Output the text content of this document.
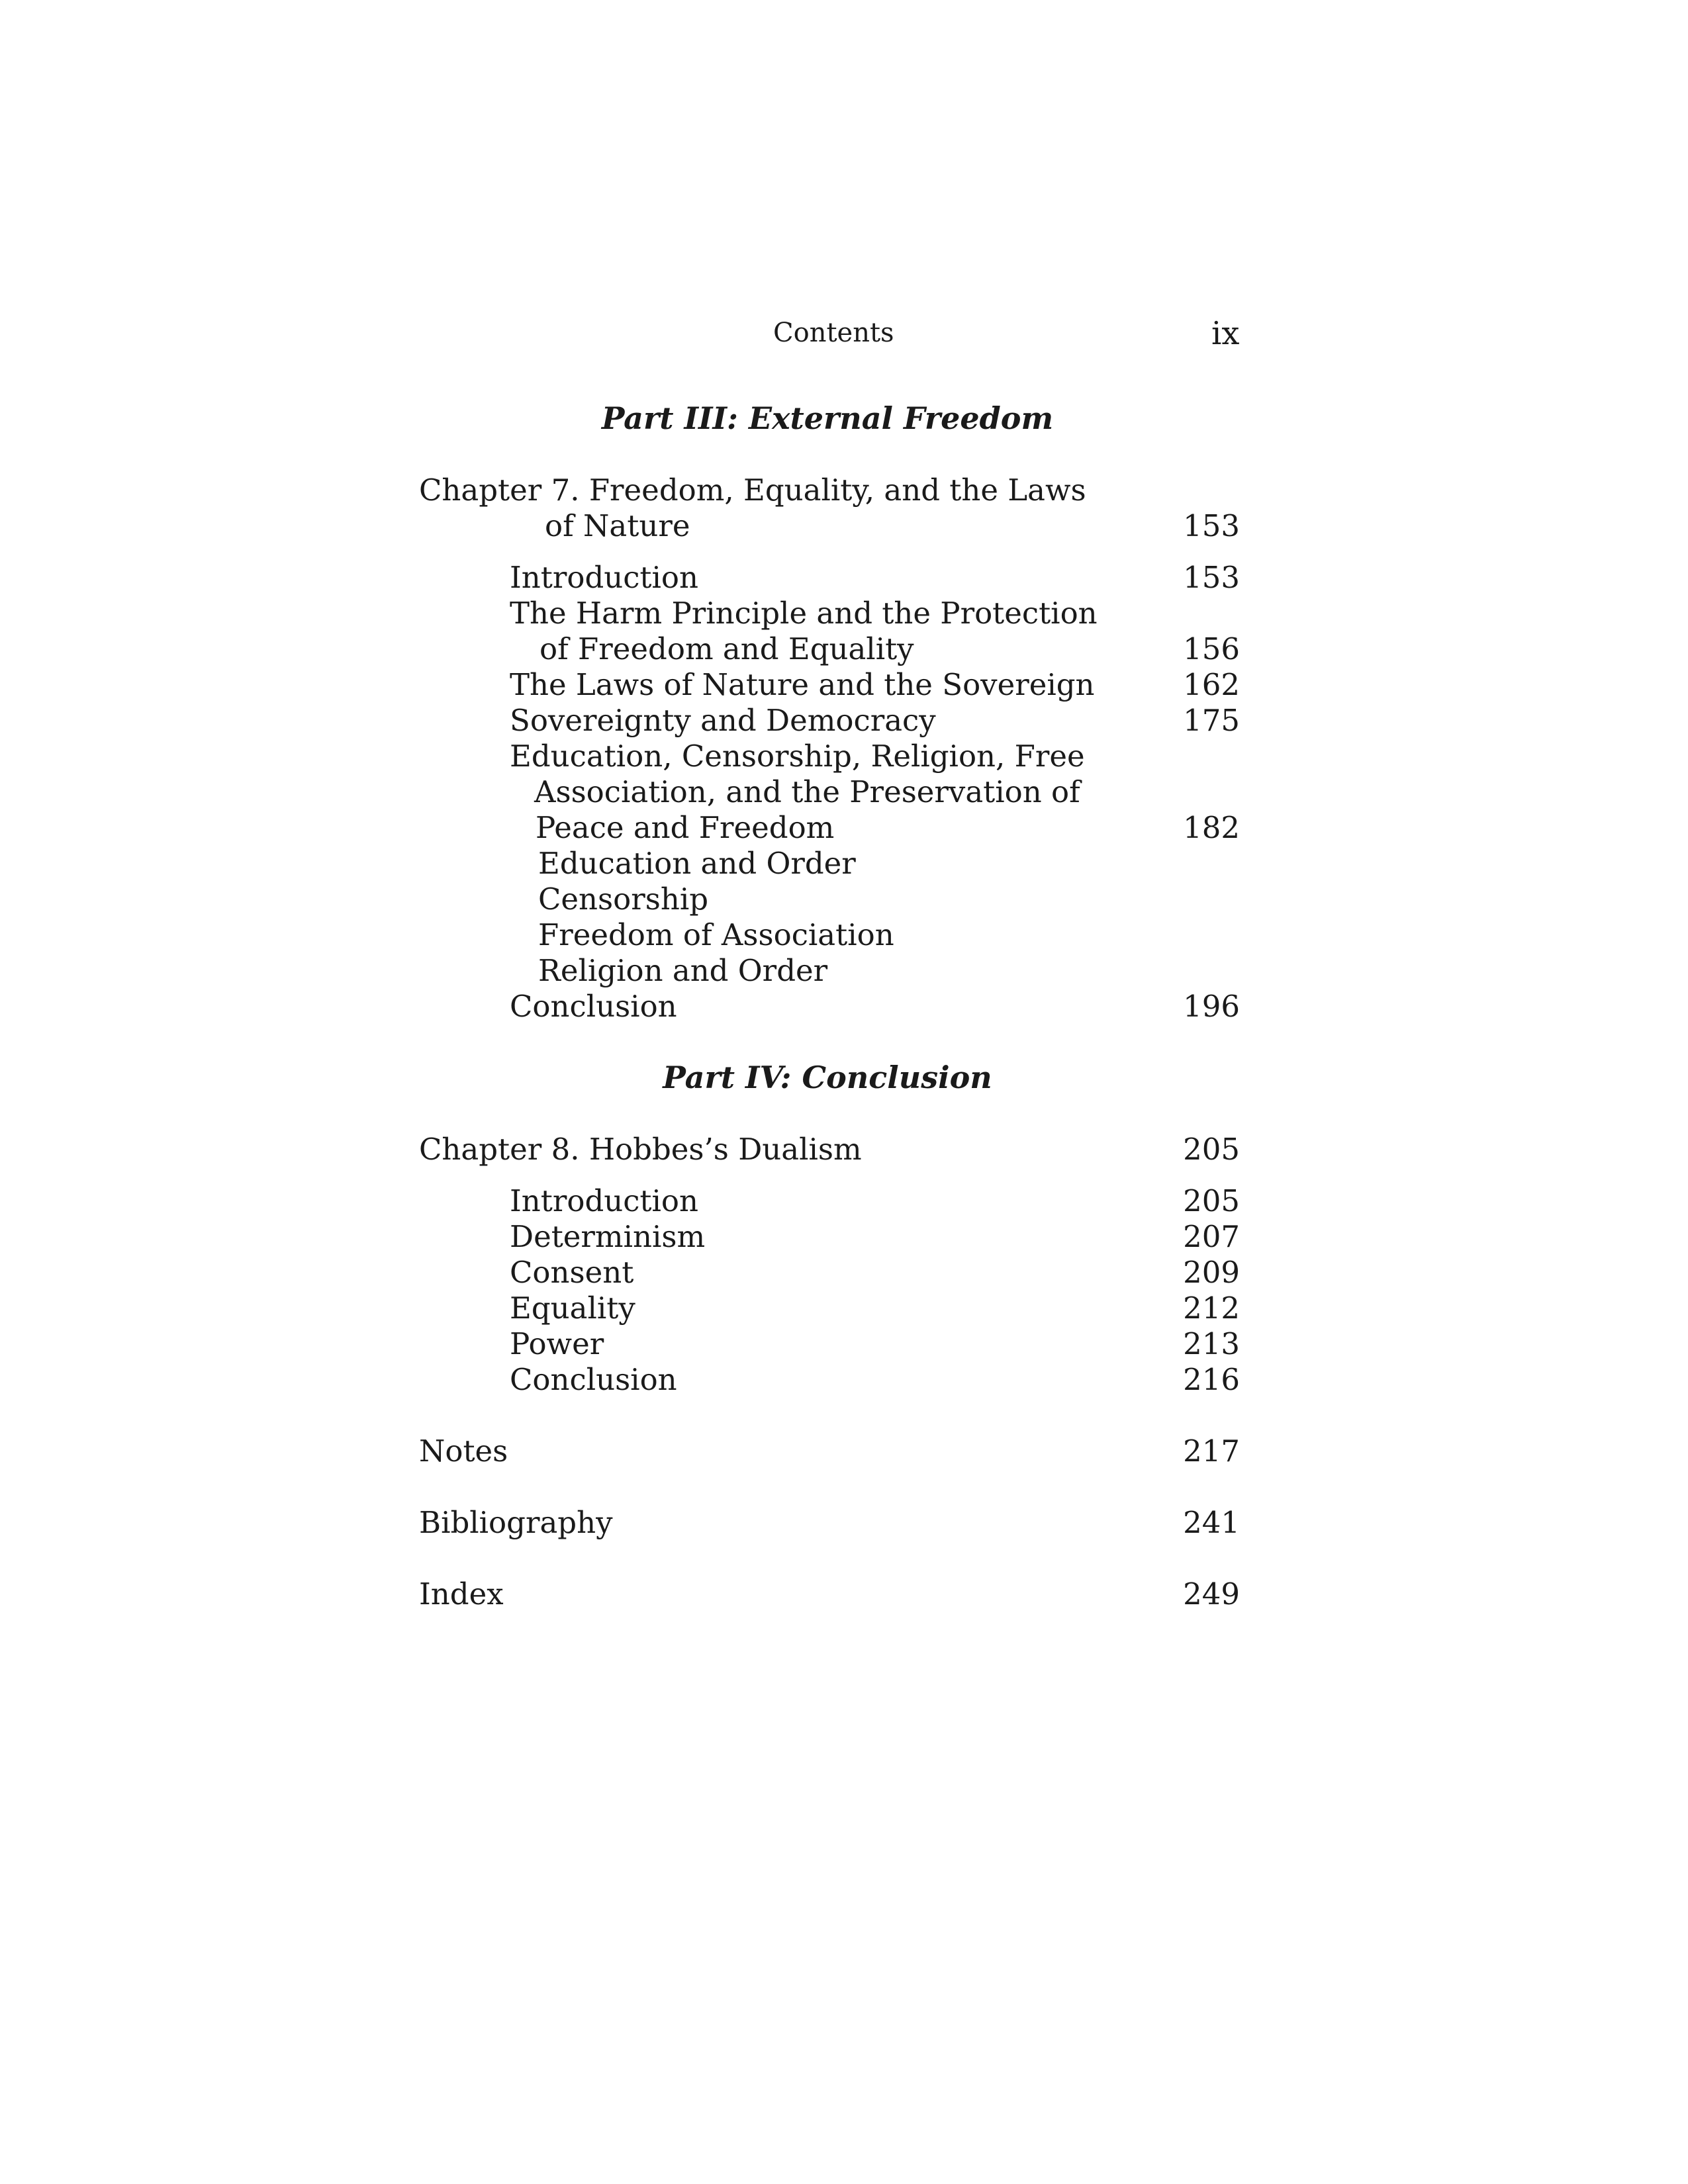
Contents	ix
Part III: External Freedom
Chapter 7. Freedom, Equality, and the Laws
of Nature	153
Introduction	153
The Harm Principle and the Protection
of Freedom and Equality	156
The Laws of Nature and the Sovereign	162
Sovereignty and Democracy	175
Education, Censorship, Religion, Free
Association, and the Preservation of
Peace and Freedom	182
Education and Order
Censorship
Freedom of Association
Religion and Order
Conclusion	196
Part IV: Conclusion
Chapter 8. Hobbes’s Dualism	205
Introduction	205
Determinism	207
Consent	209
Equality	212
Power	213
Conclusion	216
Notes	217
Bibliography	241
Index	249
